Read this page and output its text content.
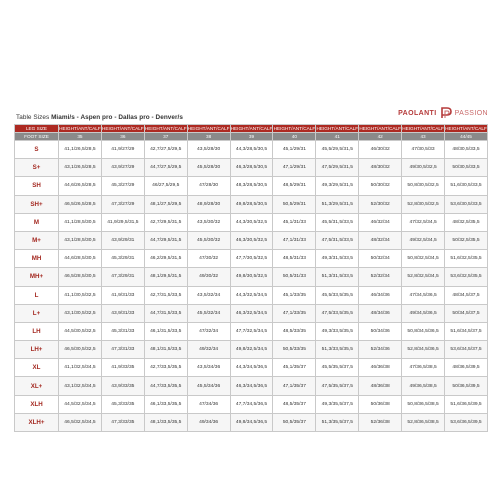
Table Sizes Miami/s - Aspen pro - Dallas pro - Denver/s
PAOLANTI	PASSION
LEG SIZE	HEIGHT/ANT/CALF	HEIGHT/ANT/CALF	HEIGHT/ANT/CALF	HEIGHT/ANT/CALF	HEIGHT/ANT/CALF	HEIGHT/ANT/CALF	HEIGHT/ANT/CALF	HEIGHT/ANT/CALF	HEIGHT/ANT/CALF	HEIGHT/ANT/CALF
FOOT SIZE	35	36	37	38	39	40	41	42	43	44/45
S	41,1/26,5/28,5	41,9/27/29	42,7/27,5/29,5	43,5/28/30	44,3/28,5/30,5	45,1/29/31	45,5/29,5/31,5	46/30/32	47/30,5/33	48/30,5/33,5
S+	43,1/26,5/28,5	43,9/27/29	44,7/27,5/29,5	45,5/28/30	46,3/28,5/30,5	47,1/29/31	47,5/29,5/31,5	48/30/32	49/30,5/32,5	50/30,5/33,5
SH	44,6/26,5/28,5	45,3/27/29	46/27,5/29,5	47/28/30	48,3/28,5/30,5	48,5/29/31	49,3/29,5/31,5	50/30/32	50,8/30,5/32,5	51,6/30,5/33,5
SH+	46,5/26,5/28,5	47,3/27/29	48,1/27,5/29,5	48,9/28/30	49,8/28,5/30,5	50,5/29/31	51,3/29,5/31,5	52/30/32	52,8/30,5/32,5	53,6/30,5/33,5
M	41,1/28,5/30,5	41,9/29,5/31,5	42,7/29,5/31,5	43,5/30/32	44,3/30,5/32,5	45,1/31/33	45,5/31,5/33,5	46/32/34	47/32,5/34,5	48/32,5/35,5
M+	43,1/28,5/30,5	43,9/29/31	44,7/29,5/31,5	45,5/30/32	46,3/30,5/32,5	47,1/31/33	47,5/31,5/33,5	48/32/34	49/32,5/34,5	50/32,5/35,5
MH	44,6/28,5/30,5	45,3/29/31	46,2/29,5/31,5	47/30/32	47,7/30,5/32,5	48,5/31/33	49,3/31,5/33,5	50/32/34	50,8/32,5/34,5	51,6/32,5/35,5
MH+	46,5/28,5/30,5	47,3/29/31	48,1/29,5/31,5	49/30/32	49,8/30,5/32,5	50,5/31/33	51,3/31,5/33,5	52/32/34	52,8/32,5/34,5	53,6/32,5/35,5
L	41,1/30,5/32,5	41,9/31/33	42,7/31,5/33,5	43,5/32/34	44,3/32,5/34,5	45,1/33/35	45,5/33,5/35,5	46/34/36	47/34,5/36,5	48/34,5/37,5
L+	43,1/30,5/32,5	43,9/31/33	44,7/31,5/33,5	45,5/32/34	46,3/32,5/34,5	47,1/33/35	47,5/33,5/35,5	48/34/36	49/34,5/36,5	50/34,5/37,5
LH	44,5/30,5/32,5	45,3/31/33	46,1/31,5/33,5	47/32/34	47,7/32,5/34,5	48,5/33/35	49,3/33,5/35,5	50/34/36	50,8/34,5/36,5	51,6/34,5/37,5
LH+	46,5/30,5/32,5	47,3/31/33	48,1/31,5/33,5	49/32/34	49,8/32,5/34,5	50,5/33/35	51,3/33,5/35,5	52/34/36	52,8/34,5/36,5	53,6/34,5/37,5
XL	41,1/32,5/34,5	41,9/33/35	42,7/33,5/35,5	43,5/34/36	44,3/34,5/36,5	45,1/35/37	45,5/35,5/37,5	46/36/38	47/36,5/38,5	48/36,5/39,5
XL+	43,1/32,5/34,5	43,9/33/35	44,7/33,5/35,5	45,5/34/36	46,3/34,5/36,5	47,1/35/37	47,5/35,5/37,5	48/36/38	49/36,5/38,5	50/36,5/39,5
XLH	44,5/32,5/34,5	45,3/33/35	46,1/33,5/35,5	47/34/36	47,7/34,5/36,5	48,5/35/37	49,3/35,5/37,5	50/36/38	50,8/36,5/38,5	51,6/36,5/39,5
XLH+	46,5/32,5/34,5	47,3/33/35	48,1/33,5/35,5	49/34/36	49,8/34,5/36,5	50,5/35/37	51,3/35,5/37,5	52/36/38	52,8/36,5/38,5	53,6/36,5/39,5
